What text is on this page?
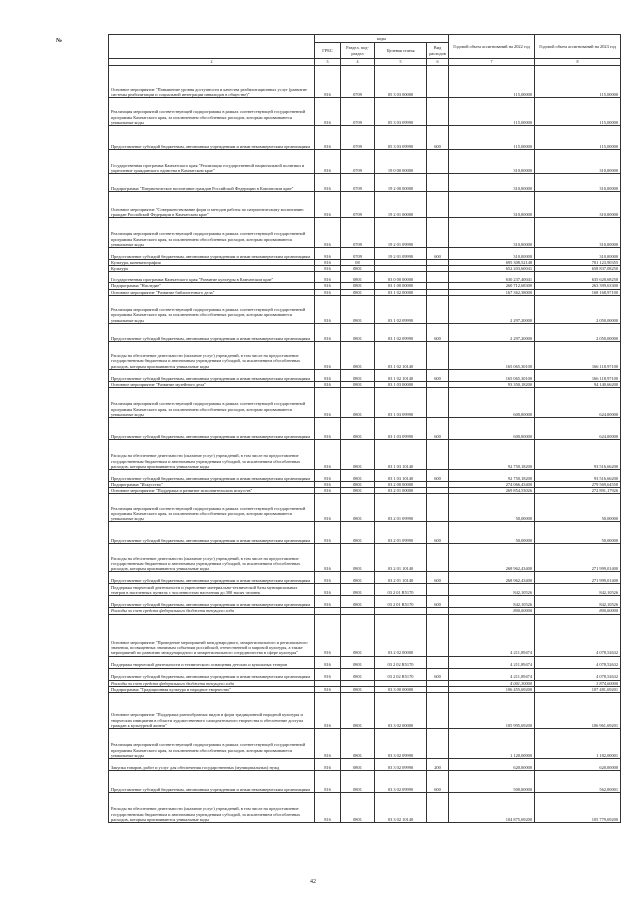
№
Наименование	коды				Годовой объем ассигнований на 2022 год	Годовой объем ассигнований на 2023 год
	ГРБС	Раздел, под-раздел	Целевая статья	Вид расходов		
2	3	4	5	6	7	8
Основное мероприятие "Повышение уровня доступности и качества реабилитационных услуг (развитие системы реабилитации и социальной интеграции инвалидов в обществе)"	816	0709	05 3 03 00000		115,00000	115,00000
Реализация мероприятий соответствующей подпрограммы в рамках соответствующей государственной программы Камчатского края, за исключением обособленных расходов, которым присваиваются уникальные коды	816	0709	05 3 03 09990		115,00000	115,00000
Предоставление субсидий бюджетным, автономным учреждениям и иным некоммерческим организациям	816	0709	05 3 03 09990	600	115,00000	115,00000
Государственная программа Камчатского края "Реализация государственной национальной политики и укрепление гражданского единства в Камчатском крае"	816	0709	19 0 00 00000		310,00000	310,00000
Подпрограмма "Патриотическое воспитание граждан Российской Федерации в Камчатском крае"	816	0709	19 2 00 00000		310,00000	310,00000
Основное мероприятие "Совершенствование форм и методов работы по патриотическому воспитанию граждан Российской Федерации в Камчатском крае"	816	0709	19 2 01 00000		310,00000	310,00000
Реализация мероприятий соответствующей подпрограммы в рамках соответствующей государственной программы Камчатского края, за исключением обособленных расходов, которым присваиваются уникальные коды	816	0709	19 2 01 09990		310,00000	310,00000
Предоставление субсидий бюджетным, автономным учреждениям и иным некоммерческим организациям	816	0709	19 2 01 09990	600	310,00000	310,00000
Культура, кинематография	816	08			695 308,52148	701 123,90355
Культура	816	0801			652 203,60041	658 837,08250
Государственная программа Камчатского края "Развитие культуры в Камчатском крае"	816	0801	03 0 00 00000		630 237,40041	635 620,68250
Подпрограмма "Наследие"	816	0801	03 1 00 00000		260 712,68300	263 399,63300
Основное мероприятие "Развитие библиотечного дела"	816	0801	03 1 02 00000		167 362,38000	168 168,97100
Реализация мероприятий соответствующей подпрограммы в рамках соответствующей государственной программы Камчатского края, за исключением обособленных расходов, которым присваиваются уникальные коды	816	0801	03 1 02 09990		2 297,20000	2 050,00000
Предоставление субсидий бюджетным, автономным учреждениям и иным некоммерческим организациям	816	0801	03 1 02 09990	600	2 297,20000	2 050,00000
Расходы на обеспечение деятельности (оказание услуг) учреждений, в том числе на предоставление государственным бюджетным и автономным учреждениям субсидий, за исключением обособленных расходов, которым присваиваются уникальные коды	816	0801	03 1 02 10140		165 065,30100	166 118,97100
Предоставление субсидий бюджетным, автономным учреждениям и иным некоммерческим организациям	816	0801	03 1 02 10140	600	165 065,30100	166 118,97100
Основное мероприятие "Развитие музейного дела"	816	0801	03 1 03 00000		93 350,18200	94 140,66200
Реализация мероприятий соответствующей подпрограммы в рамках соответствующей государственной программы Камчатского края, за исключением обособленных расходов, которым присваиваются уникальные коды	816	0801	03 1 03 09990		600,00000	624,00000
Предоставление субсидий бюджетным, автономным учреждениям и иным некоммерческим организациям	816	0801	03 1 03 09990	600	600,00000	624,00000
Расходы на обеспечение деятельности (оказание услуг) учреждений, в том числе на предоставление государственным бюджетным и автономным учреждениям субсидий, за исключением обособленных расходов, которым присваиваются уникальные коды	816	0801	03 1 03 10140		92 750,18200	93 516,66200
Предоставление субсидий бюджетным, автономным учреждениям и иным некоммерческим организациям	816	0801	03 1 03 10140	600	92 750,18200	93 516,66200
Подпрограмма "Искусство"	816	0801	03 2 00 00000		274 066,43400	279 569,64558
Основное мероприятие "Поддержка и развитие исполнительских искусств"	816	0801	03 2 01 00000		269 854,53026	272 891,17926
Реализация мероприятий соответствующей подпрограммы в рамках соответствующей государственной программы Камчатского края, за исключением обособленных расходов, которым присваиваются уникальные коды	816	0801	03 2 01 09990		50,00000	50,00000
Предоставление субсидий бюджетным, автономным учреждениям и иным некоммерческим организациям	816	0801	03 2 01 09990	600	50,00000	50,00000
Расходы на обеспечение деятельности (оказание услуг) учреждений, в том числе на предоставление государственным бюджетным и автономным учреждениям субсидий, за исключением обособленных расходов, которым присваиваются уникальные коды	816	0801	03 2 01 10140		268 962,43400	271 999,01400
Предоставление субсидий бюджетным, автономным учреждениям и иным некоммерческим организациям	816	0801	03 2 01 10140	600	268 962,43400	271 999,01400
Поддержка творческой деятельности и укрепление материально-технической базы муниципальных театров в населенных пунктах с численностью населения до 300 тысяч человек	816	0801	03 2 01 R5170		842,10526	842,10526
Предоставление субсидий бюджетным, автономным учреждениям и иным некоммерческим организациям	816	0801	03 2 01 R5170	600	842,10526	842,10526
Расходы за счет средств федерального бюджета текущего года					800,00000	800,00000
Основное мероприятие "Проведение мероприятий международного, межрегионального и регионального значения, посвященных значимым событиям российской, отечественной и мировой культуры, а также мероприятий по развитию международного и межрегионального сотрудничества в сфере культуры"	816	0801	03 2 02 00000		4 211,89474	4 078,52632
Поддержка творческой деятельности и технического оснащения детских и кукольных театров	816	0801	03 2 02 R5170		4 211,89474	4 078,52632
Предоставление субсидий бюджетным, автономным учреждениям и иным некоммерческим организациям	816	0801	03 2 02 R5170	600	4 211,89474	4 078,52632
Расходы за счет средств федерального бюджета текущего года					4 001,30000	3 874,60000
Подпрограмма "Традиционная культура и народное творчество"	816	0801	03 3 00 00000		106 455,69200	107 481,69201
Основное мероприятие "Поддержка разнообразных видов и форм традиционной народной культуры и творческих инициатив в области художественного самодеятельного творчества и обеспечение доступа граждан к культурной жизни"	816	0801	03 3 02 00000		105 995,69200	106 961,69201
Реализация мероприятий соответствующей подпрограммы в рамках соответствующей государственной программы Камчатского края, за исключением обособленных расходов, которым присваиваются уникальные коды	816	0801	03 3 02 09990		1 120,00000	1 182,00001
Закупка товаров, работ и услуг для обеспечения государственных (муниципальных) нужд	816	0801	03 3 02 09990	200	620,00000	620,00000
Предоставление субсидий бюджетным, автономным учреждениям и иным некоммерческим организациям	816	0801	03 3 02 09990	600	500,00000	562,00001
Расходы на обеспечение деятельности (оказание услуг) учреждений, в том числе на предоставление государственным бюджетным и автономным учреждениям субсидий, за исключением обособленных расходов, которым присваиваются уникальные коды	816	0801	03 3 02 10140		104 875,69200	105 779,69200
42
